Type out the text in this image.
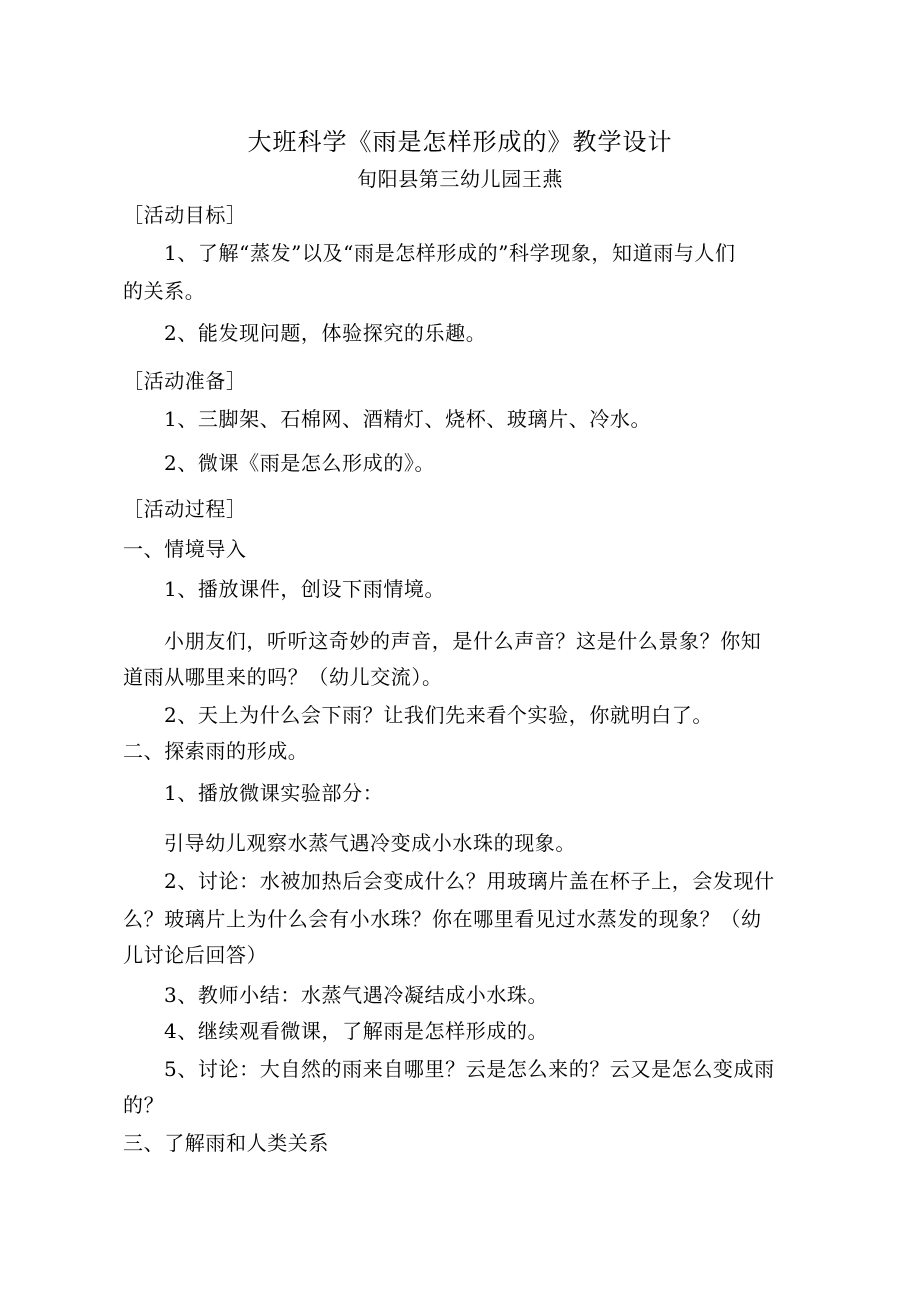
大班科学《雨是怎样形成的》教学设计
旬阳县第三幼儿园王燕
［活动目标］
1、了解“蒸发”以及“雨是怎样形成的”科学现象，知道雨与人们
的关系。
2、能发现问题，体验探究的乐趣。
［活动准备］
1、三脚架、石棉网、酒精灯、烧杯、玻璃片、冷水。
2、微课《雨是怎么形成的》。
［活动过程］
一、情境导入
1、播放课件，创设下雨情境。
小朋友们，听听这奇妙的声音，是什么声音？这是什么景象？你知
道雨从哪里来的吗？（幼儿交流）。
2、天上为什么会下雨？让我们先来看个实验，你就明白了。
二、探索雨的形成。
1、播放微课实验部分：
引导幼儿观察水蒸气遇冷变成小水珠的现象。
2、讨论：水被加热后会变成什么？用玻璃片盖在杯子上，会发现什
么？玻璃片上为什么会有小水珠？你在哪里看见过水蒸发的现象？（幼
儿讨论后回答）
3、教师小结：水蒸气遇冷凝结成小水珠。
4、继续观看微课，了解雨是怎样形成的。
5、讨论：大自然的雨来自哪里？云是怎么来的？云又是怎么变成雨
的？
三、了解雨和人类关系
